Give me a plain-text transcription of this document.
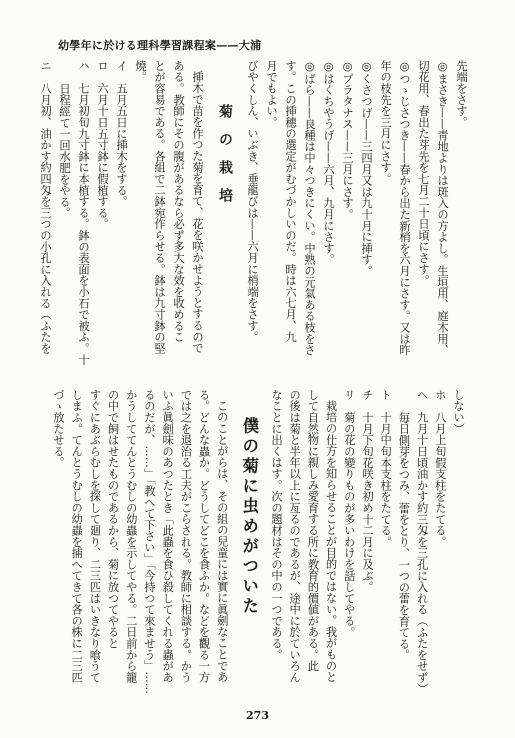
幼學年に於ける理科學習課程案——大浦
先端をさす。
◎まさき——靑地よりは斑入の方よし。生垣用、庭木用、
切花用、春出た芽先を七月二十日頃にさす。
◎つゝじさつき——春から出た新梢を六月にさす。又は昨
年の枝先を三月にさす。
◎くさつげ——三四月又は九十月に挿す。
◎プラタナス——三月にさす。
◎はくちやうげ——六月、九月にさす。
◎ばら——良種は中々つきにくい。中熟の元氣ある枝をさ
す。この挿穗の選定がむづかしいのだ。時は六七月、九
月でもよい。
びやくしん、いぶき、垂龍びは——六月に梢端をさす。
菊の栽培
挿木で苗を作つた菊を育て、花を咲かせようとするので
ある。教師にその腹があるなら必ず多大な效を收めるこ
とが容易である。各組で二鉢宛作らせる。鉢は九寸鉢の堅
燒。
イ五月五日に挿木をする。
ロ六月十日五寸鉢に假植する。
ハ七月初旬九寸鉢に本植する。鉢の表面を小石で被ふ。十
日程經て一回水肥をやる。
ニ八月初、油かす約四匁を三つの小孔に入れる（ふたを
しない）
ホ八月上旬假支柱をたてる。
ヘ九月十日頃油かす約三匁を三孔に入れる（ふたをせず）
毎日側芽をつみ、蕾をとり、一つの蕾を育てる。
ト十月中旬本支柱をたてる。
チ十月下旬花咲き初め十二月に及ぶ。
リ菊の花の變りものが多いわけを話してやる。
栽培の仕方を知らせることが目的ではない。我がものと
して自然物に親しみ愛育する所に教育的價値がある。此
の後は菊と半年以上に亙るのであるが、途中に於ていろん
なことに出くはす。次の題材はその中の一つである。
僕の菊に虫めがついた
このことがらは、その組の兒童には實に眞劍なことであ
る。どんな蟲か。どうしてどこを食ふか。などを觀る一方
では之を退治る工夫がこらされる。教師に相談する。かう
いふ眞劍味のあつたとき「此蟲を食ひ殺してくれる蟲があ
るのだが、……」「教へて下さい」「今持つて來ませう」……
かうしててんとうむしの幼蟲を示してやる。二日前から籠
の中で飼はせたものであるから、菊に放つてやると
すぐにあぶらむしを探して廻り、二三匹はいきなり喰うて
しまふ。てんとうむしの幼蟲を捕へてきて各の株に二三匹
づゝ放たせる。
273
